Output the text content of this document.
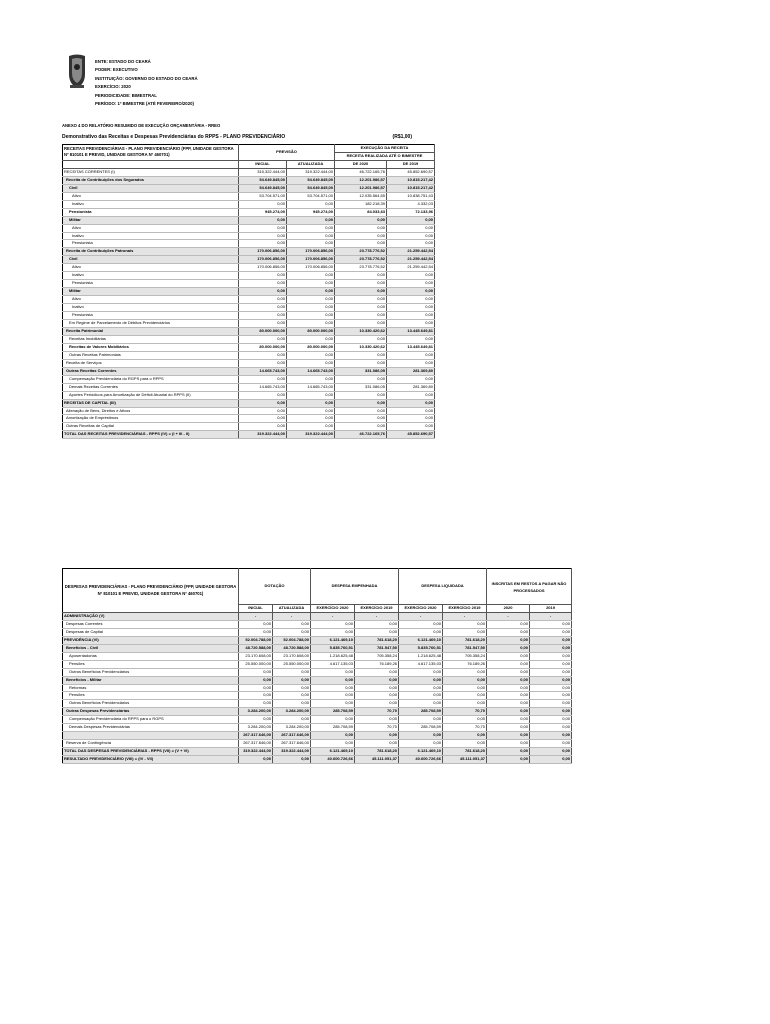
ENTE: ESTADO DO CEARÁ
PODER: EXECUTIVO
INSTITUIÇÃO: GOVERNO DO ESTADO DO CEARÁ
EXERCÍCIO: 2020
PERIODICIDADE: BIMESTRAL
PERÍODO: 1º BIMESTRE (ATÉ FEVEREIRO/2020)
ANEXO 4 DO RELATÓRIO RESUMIDO DE EXECUÇÃO ORÇAMENTÁRIA - RREO
Demonstrativo das Receitas e Despesas Previdenciárias do RPPS - PLANO PREVIDENCIÁRIO	(R$1,00)
RECEITAS PREVIDENCIÁRIAS - PLANO PREVIDENCIÁRIO (FPP, UNIDADE GESTORA Nº 810101 E PREVID, UNIDADE GESTORA Nº 460701)	PREVISÃO		EXECUÇÃO DA RECEITA	
			RECEITA REALIZADA ATÉ O BIMESTRE	
	INICIAL	ATUALIZADA	DE 2020	DE 2019
RECEITAS CORRENTES (I)	315.322.444,00	319.322.444,00	46.722.165,76	45.852.690,57
Receita de Contribuições dos Segurados	54.649.845,00	54.649.845,00	12.201.986,57	10.815.217,42
Civil	54.649.845,00	54.649.845,00	12.201.986,57	10.815.217,42
Ativo	53.704.571,00	53.704.571,00	12.035.564,55	10.838.751,43
Inativo	0,00	0,00	182.218,39	4.332,03
Pensionista	945.274,00	945.274,00	84.033,63	72.133,96
Militar	0,00	0,00	0,00	0,00
Ativo	0,00	0,00	0,00	0,00
Inativo	0,00	0,00	0,00	0,00
Pensionista	0,00	0,00	0,00	0,00
Receita de Contribuições Patronais	170.006.856,00	170.006.856,00	23.778.776,52	21.259.442,54
Civil	170.006.856,00	170.006.856,00	23.778.776,52	21.259.442,54
Ativo	170.006.856,00	170.006.856,00	23.778.776,52	21.259.442,54
Inativo	0,00	0,00	0,00	0,00
Pensionista	0,00	0,00	0,00	0,00
Militar	0,00	0,00	0,00	0,00
Ativo	0,00	0,00	0,00	0,00
Inativo	0,00	0,00	0,00	0,00
Pensionista	0,00	0,00	0,00	0,00
Em Regime de Parcelamento de Débitos Previdenciários	0,00	0,00	0,00	0,00
Receita Patrimonial	80.000.000,00	80.000.000,00	10.330.420,62	13.445.649,81
Receitas Imobiliárias	0,00	0,00	0,00	0,00
Receitas de Valores Mobiliários	80.000.000,00	80.000.000,00	10.330.420,62	13.445.649,81
Outras Receitas Patrimoniais	0,00	0,00	0,00	0,00
Receita de Serviços	0,00	0,00	0,00	0,00
Outras Receitas Correntes	14.665.743,00	14.665.743,00	331.086,05	281.369,80
Compensação Previdenciária do RGPS para o RPPS	0,00	0,00	0,00	0,00
Demais Receitas Correntes	14.665.743,00	14.665.743,00	331.086,05	281.369,80
Aportes Periódicos para Amortização de Déficit Atuarial do RPPS (II)	0,00	0,00	0,00	0,00
RECEITAS DE CAPITAL (III)	0,00	0,00	0,00	0,00
Alienação de Bens, Direitos e Ativos	0,00	0,00	0,00	0,00
Amortização de Empréstimos	0,00	0,00	0,00	0,00
Outras Receitas de Capital	0,00	0,00	0,00	0,00
TOTAL DAS RECEITAS PREVIDENCIÁRIAS - RPPS (IV) = (I + III - II)	319.322.444,00	319.322.444,00	46.722.165,76	45.852.690,57
DESPESAS PREVIDENCIÁRIAS - PLANO PREVIDENCIÁRIO (FPP, UNIDADE GESTORA Nº 810101 E PREVID, UNIDADE GESTORA Nº 460701)	DOTAÇÃO		DESPESA EMPENHADA		DESPESA LIQUIDADA		INSCRITAS EM RESTOS A PAGAR NÃO PROCESSADOS	
	INICIAL	ATUALIZADA	EXERCÍCIO 2020	EXERCÍCIO 2019	EXERCÍCIO 2020	EXERCÍCIO 2019	2020	2019
ADMINISTRAÇÃO (V)	-	-	-	-	-	-	-	-
Despesas Correntes	0,00	0,00	0,00	0,00	0,00	0,00	0,00	0,00
Despesas de Capital	0,00	0,00	0,00	0,00	0,00	0,00	0,00	0,00
PREVIDÊNCIA (VI)	52.004.788,00	52.004.788,00	6.121.469,10	781.618,20	6.121.469,10	781.618,20	0,00	0,00
Benefícios - Civil	48.720.588,00	48.720.588,00	5.835.760,51	781.547,50	5.835.760,51	781.547,50	0,00	0,00
Aposentadorias	23.170.608,00	23.170.608,00	1.218.625,48	705.358,24	1.218.625,48	705.358,24	0,00	0,00
Pensões	25.550.000,00	25.550.000,00	4.617.135,03	76.189,26	4.617.135,03	76.189,26	0,00	0,00
Outros Benefícios Previdenciários	0,00	0,00	0,00	0,00	0,00	0,00	0,00	0,00
Benefícios - Militar	0,00	0,00	0,00	0,00	0,00	0,00	0,00	0,00
Reformas	0,00	0,00	0,00	0,00	0,00	0,00	0,00	0,00
Pensões	0,00	0,00	0,00	0,00	0,00	0,00	0,00	0,00
Outros Benefícios Previdenciários	0,00	0,00	0,00	0,00	0,00	0,00	0,00	0,00
Outras Despesas Previdenciárias	3.284.200,00	3.284.200,00	285.708,59	70,70	285.708,59	70,70	0,00	0,00
Compensação Previdenciária do RPPS para o RGPS	0,00	0,00	0,00	0,00	0,00	0,00	0,00	0,00
Demais Despesas Previdenciárias	3.284.200,00	3.284.200,00	285.708,59	70,70	285.708,59	70,70	0,00	0,00
	267.317.646,00	267.317.646,00	0,00	0,00	0,00	0,00	0,00	0,00
Reserva de Contingência	267.317.646,00	267.317.646,00	0,00	0,00	0,00	0,00	0,00	0,00
TOTAL DAS DESPESAS PREVIDENCIÁRIAS - RPPS (VII) = (V + VI)	319.322.444,00	319.322.444,00	6.121.469,10	781.618,20	6.121.469,10	781.618,20	0,00	0,00
RESULTADO PREVIDENCIÁRIO (VIII) = (IV - VII)	0,00	0,00	40.600.726,66	45.111.051,37	40.600.726,66	45.111.051,37	0,00	0,00
